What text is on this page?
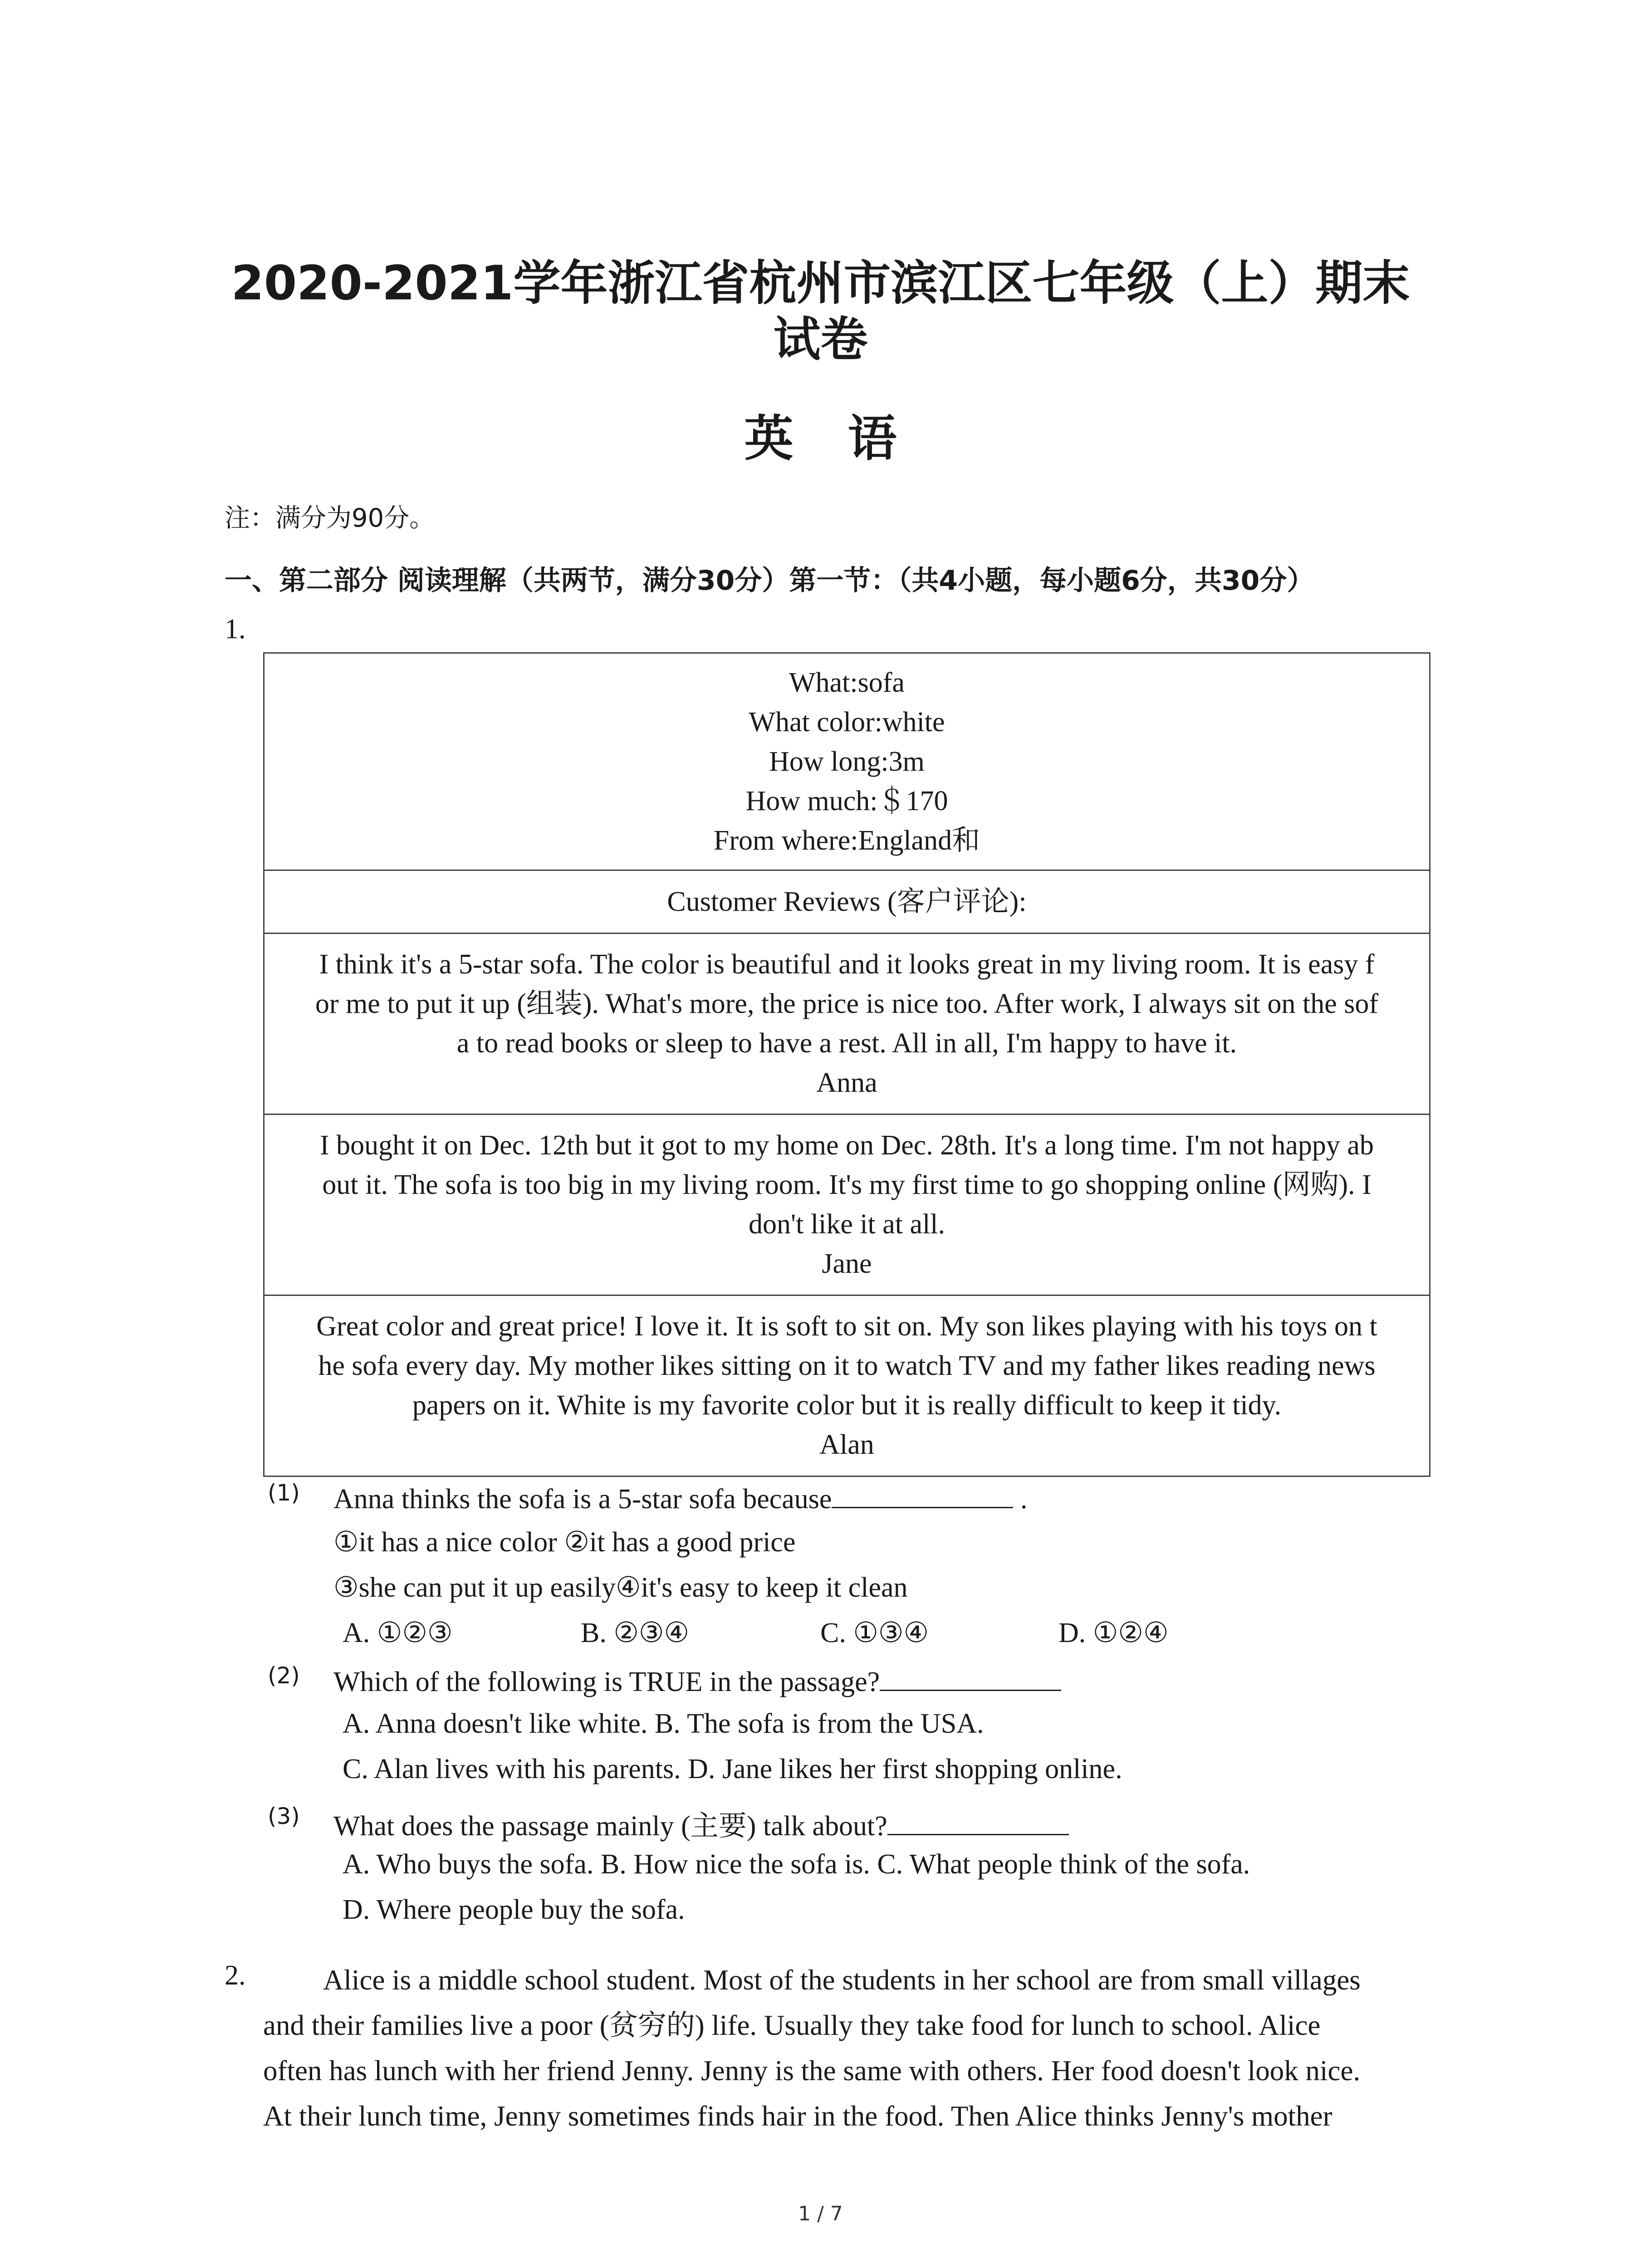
2020-2021学年浙江省杭州市滨江区七年级（上）期末
试卷
英语
注：满分为90分。
一、第二部分 阅读理解（共两节，满分30分）第一节：（共4小题，每小题6分，共30分）
1.
What:sofa
What color:white
How long:3m
How much:＄170
From where:England和

Customer Reviews (客户评论):

I think it's a 5-star sofa. The color is beautiful and it looks great in my living room. It is easy f
or me to put it up (组装). What's more, the price is nice too. After work, I always sit on the sof
a to read books or sleep to have a rest. All in all, I'm happy to have it.
Anna

I bought it on Dec. 12th but it got to my home on Dec. 28th. It's a long time. I'm not happy ab
out it. The sofa is too big in my living room. It's my first time to go shopping online (网购). I
don't like it at all.
Jane

Great color and great price! I love it. It is soft to sit on. My son likes playing with his toys on t
he sofa every day. My mother likes sitting on it to watch TV and my father likes reading news
papers on it. White is my favorite color but it is really difficult to keep it tidy.
Alan
(1) Anna thinks the sofa is a 5-star sofa because	.
①it has a nice color ②it has a good price
③she can put it up easily④it's easy to keep it clean
A. ①②③	B. ②③④	C. ①③④	D. ①②④
(2) Which of the following is TRUE in the passage?
A. Anna doesn't like white. B. The sofa is from the USA.
C. Alan lives with his parents. D. Jane likes her first shopping online.
(3) What does the passage mainly (主要) talk about?
A. Who buys the sofa. B. How nice the sofa is. C. What people think of the sofa.
D. Where people buy the sofa.
2.	Alice is a middle school student. Most of the students in her school are from small villages
and their families live a poor (贫穷的) life. Usually they take food for lunch to school. Alice
often has lunch with her friend Jenny. Jenny is the same with others. Her food doesn't look nice.
At their lunch time, Jenny sometimes finds hair in the food. Then Alice thinks Jenny's mother
1 / 7
